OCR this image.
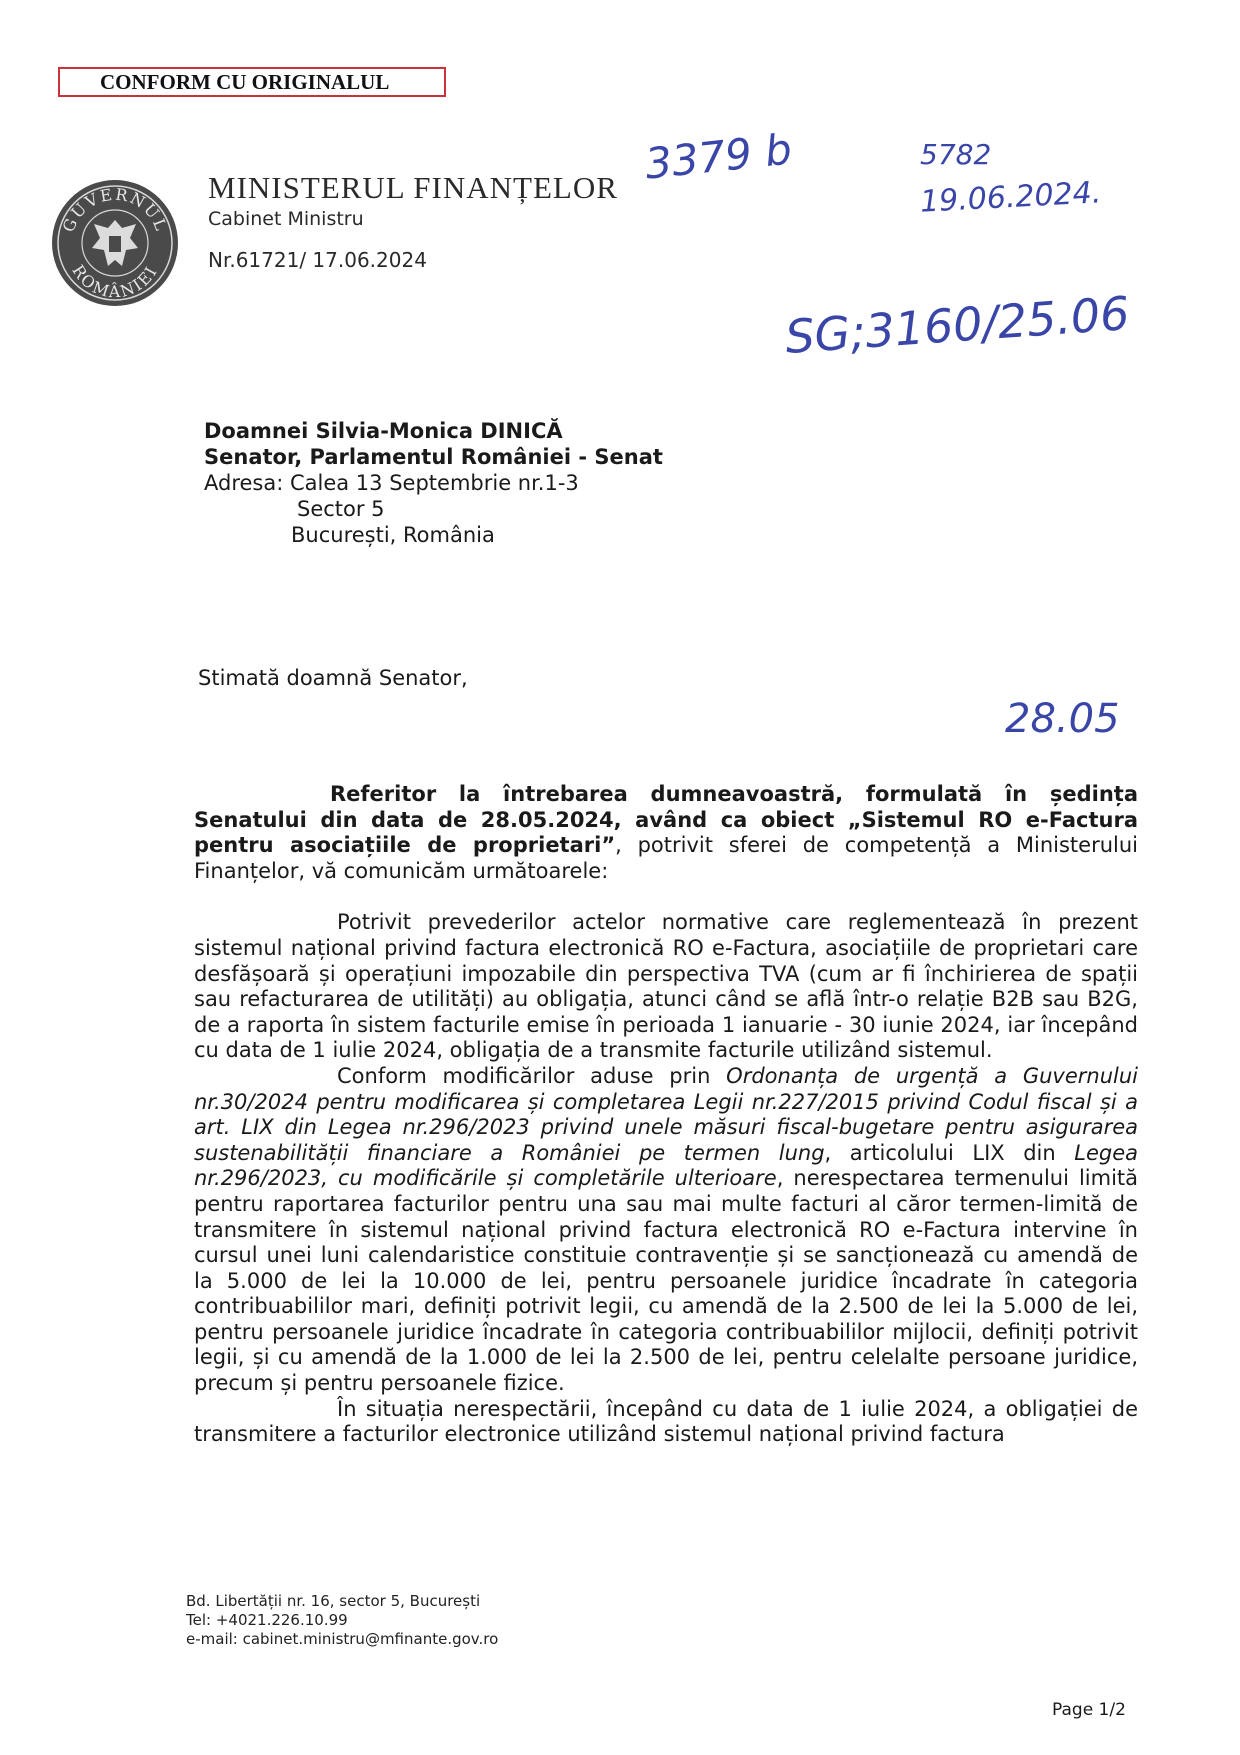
CONFORM CU ORIGINALUL
GUVERNUL
ROMÂNIEI
MINISTERUL FINANȚELOR
Cabinet Ministru
Nr.61721/ 17.06.2024
3379 b	5782
19.06.2024.
SG;3160/25.06
28.05
Doamnei Silvia-Monica DINICĂ
Senator, Parlamentul României - Senat
Adresa: Calea 13 Septembrie nr.1-3
Sector 5
București, România
Stimată doamnă Senator,

Referitor la întrebarea dumneavoastră, formulată în ședința Senatului din data de 28.05.2024, având ca obiect „Sistemul RO e-Factura pentru asociațiile de proprietari”, potrivit sferei de competență a Ministerului Finanțelor, vă comunicăm următoarele:

Potrivit prevederilor actelor normative care reglementează în prezent sistemul național privind factura electronică RO e-Factura, asociațiile de proprietari care desfășoară și operațiuni impozabile din perspectiva TVA (cum ar fi închirierea de spații sau refacturarea de utilități) au obligația, atunci când se află într-o relație B2B sau B2G, de a raporta în sistem facturile emise în perioada 1 ianuarie - 30 iunie 2024, iar începând cu data de 1 iulie 2024, obligația de a transmite facturile utilizând sistemul.

Conform modificărilor aduse prin Ordonanța de urgență a Guvernului nr.30/2024 pentru modificarea și completarea Legii nr.227/2015 privind Codul fiscal și a art. LIX din Legea nr.296/2023 privind unele măsuri fiscal-bugetare pentru asigurarea sustenabilității financiare a României pe termen lung, articolului LIX din Legea nr.296/2023, cu modificările și completările ulterioare, nerespectarea termenului limită pentru raportarea facturilor pentru una sau mai multe facturi al căror termen-limită de transmitere în sistemul național privind factura electronică RO e-Factura intervine în cursul unei luni calendaristice constituie contravenție și se sancționează cu amendă de la 5.000 de lei la 10.000 de lei, pentru persoanele juridice încadrate în categoria contribuabililor mari, definiți potrivit legii, cu amendă de la 2.500 de lei la 5.000 de lei, pentru persoanele juridice încadrate în categoria contribuabililor mijlocii, definiți potrivit legii, și cu amendă de la 1.000 de lei la 2.500 de lei, pentru celelalte persoane juridice, precum și pentru persoanele fizice.

În situația nerespectării, începând cu data de 1 iulie 2024, a obligației de transmitere a facturilor electronice utilizând sistemul național privind factura

Bd. Libertății nr. 16, sector 5, București
Tel: +4021.226.10.99
e-mail: cabinet.ministru@mfinante.gov.ro
Page 1/2
